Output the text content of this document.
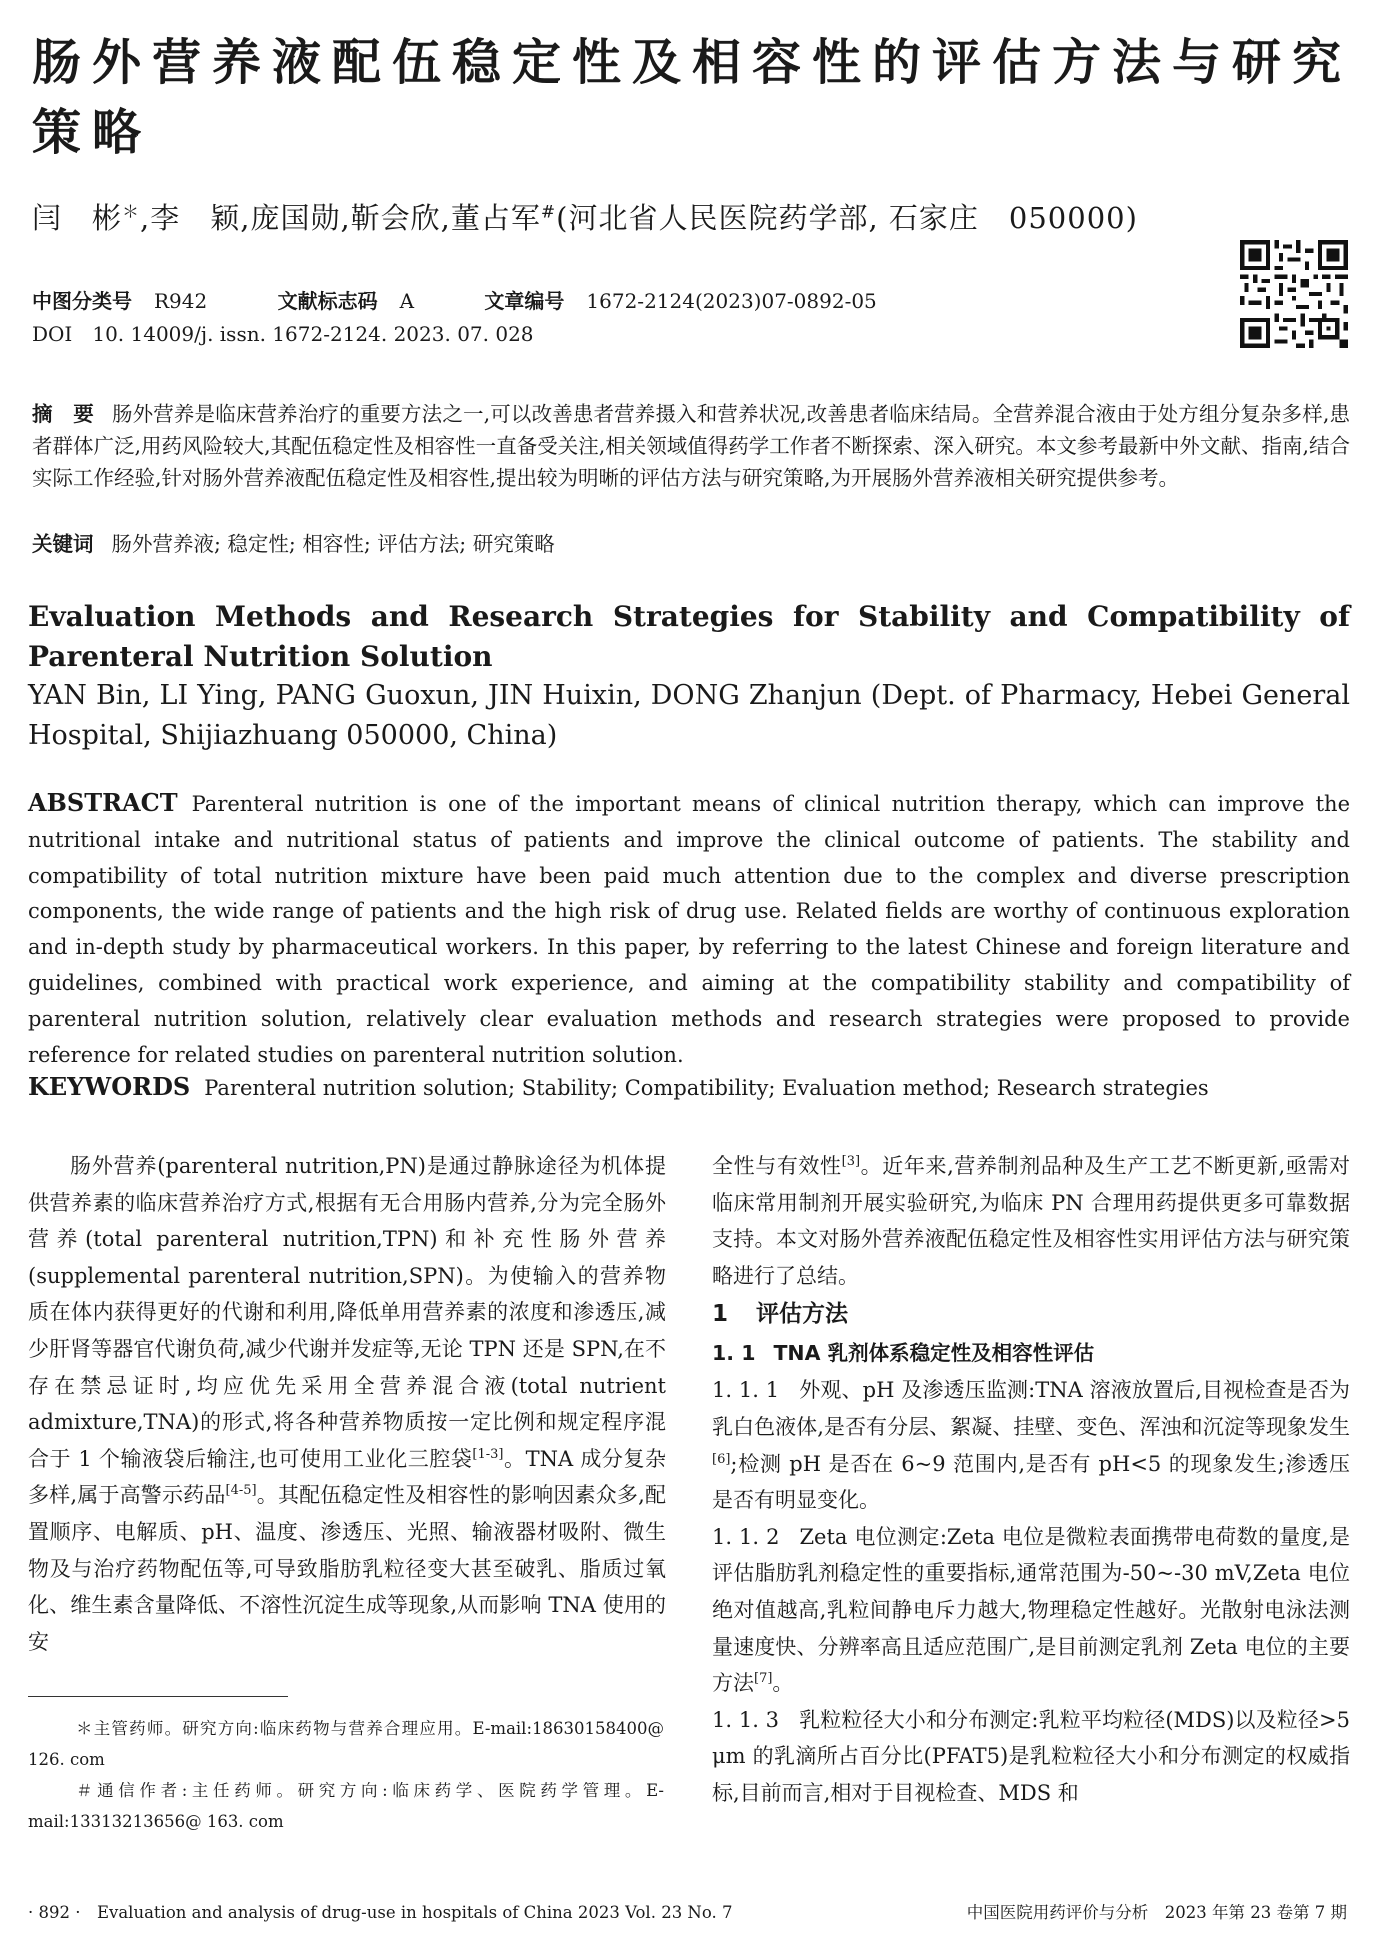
肠外营养液配伍稳定性及相容性的评估方法与研究策略
闫　彬＊,李　颖,庞国勋,靳会欣,董占军#(河北省人民医院药学部, 石家庄　050000)
中图分类号 R942	文献标志码 A	文章编号 1672-2124(2023)07-0892-05
DOI 10. 14009/j. issn. 1672-2124. 2023. 07. 028

摘　要 肠外营养是临床营养治疗的重要方法之一,可以改善患者营养摄入和营养状况,改善患者临床结局。全营养混合液由于处方组分复杂多样,患者群体广泛,用药风险较大,其配伍稳定性及相容性一直备受关注,相关领域值得药学工作者不断探索、深入研究。本文参考最新中外文献、指南,结合实际工作经验,针对肠外营养液配伍稳定性及相容性,提出较为明晰的评估方法与研究策略,为开展肠外营养液相关研究提供参考。

关键词 肠外营养液; 稳定性; 相容性; 评估方法; 研究策略
Evaluation Methods and Research Strategies for Stability and Compatibility of Parenteral Nutrition Solution
YAN Bin, LI Ying, PANG Guoxun, JIN Huixin, DONG Zhanjun (Dept. of Pharmacy, Hebei General Hospital, Shijiazhuang 050000, China)

ABSTRACT Parenteral nutrition is one of the important means of clinical nutrition therapy, which can improve the nutritional intake and nutritional status of patients and improve the clinical outcome of patients. The stability and compatibility of total nutrition mixture have been paid much attention due to the complex and diverse prescription components, the wide range of patients and the high risk of drug use. Related fields are worthy of continuous exploration and in-depth study by pharmaceutical workers. In this paper, by referring to the latest Chinese and foreign literature and guidelines, combined with practical work experience, and aiming at the compatibility stability and compatibility of parenteral nutrition solution, relatively clear evaluation methods and research strategies were proposed to provide reference for related studies on parenteral nutrition solution.

KEYWORDS Parenteral nutrition solution; Stability; Compatibility; Evaluation method; Research strategies

肠外营养(parenteral nutrition,PN)是通过静脉途径为机体提供营养素的临床营养治疗方式,根据有无合用肠内营养,分为完全肠外营养(total parenteral nutrition,TPN)和补充性肠外营养(supplemental parenteral nutrition,SPN)。为使输入的营养物质在体内获得更好的代谢和利用,降低单用营养素的浓度和渗透压,减少肝肾等器官代谢负荷,减少代谢并发症等,无论 TPN 还是 SPN,在不存在禁忌证时,均应优先采用全营养混合液(total nutrient admixture,TNA)的形式,将各种营养物质按一定比例和规定程序混合于 1 个输液袋后输注,也可使用工业化三腔袋[1-3]。TNA 成分复杂多样,属于高警示药品[4-5]。其配伍稳定性及相容性的影响因素众多,配置顺序、电解质、pH、温度、渗透压、光照、输液器材吸附、微生物及与治疗药物配伍等,可导致脂肪乳粒径变大甚至破乳、脂质过氧化、维生素含量降低、不溶性沉淀生成等现象,从而影响 TNA 使用的安

全性与有效性[3]。近年来,营养制剂品种及生产工艺不断更新,亟需对临床常用制剂开展实验研究,为临床 PN 合理用药提供更多可靠数据支持。本文对肠外营养液配伍稳定性及相容性实用评估方法与研究策略进行了总结。

1 评估方法

1. 1 TNA 乳剂体系稳定性及相容性评估

1. 1. 1 外观、pH 及渗透压监测:TNA 溶液放置后,目视检查是否为乳白色液体,是否有分层、絮凝、挂壁、变色、浑浊和沉淀等现象发生[6];检测 pH 是否在 6~9 范围内,是否有 pH<5 的现象发生;渗透压是否有明显变化。

1. 1. 2 Zeta 电位测定:Zeta 电位是微粒表面携带电荷数的量度,是评估脂肪乳剂稳定性的重要指标,通常范围为-50~-30 mV,Zeta 电位绝对值越高,乳粒间静电斥力越大,物理稳定性越好。光散射电泳法测量速度快、分辨率高且适应范围广,是目前测定乳剂 Zeta 电位的主要方法[7]。

1. 1. 3 乳粒粒径大小和分布测定:乳粒平均粒径(MDS)以及粒径>5 μm 的乳滴所占百分比(PFAT5)是乳粒粒径大小和分布测定的权威指标,目前而言,相对于目视检查、MDS 和

＊主管药师。研究方向:临床药物与营养合理应用。E-mail:18630158400@ 126. com

＃通信作者:主任药师。研究方向:临床药学、医院药学管理。E-mail:13313213656@ 163. com

· 892 ·　Evaluation and analysis of drug-use in hospitals of China 2023 Vol. 23 No. 7	中国医院用药评价与分析　2023 年第 23 卷第 7 期
